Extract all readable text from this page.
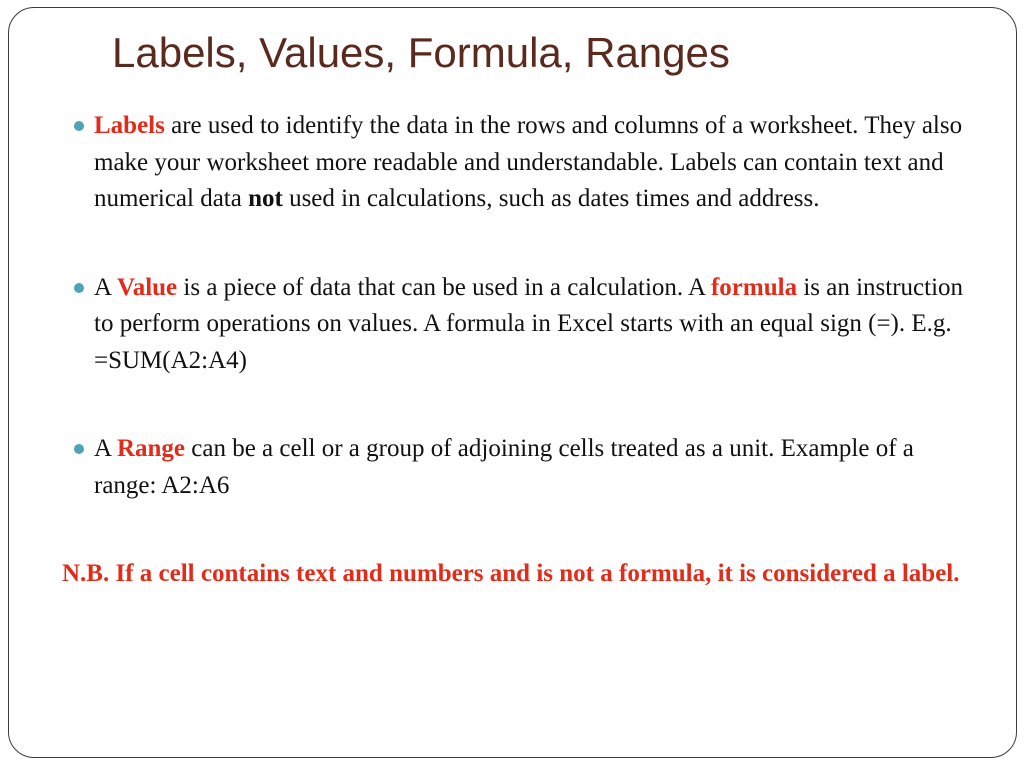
Labels, Values, Formula, Ranges
Labels are used to identify the data in the rows and columns of a worksheet. They also make your worksheet more readable and understandable. Labels can contain text and numerical data not used in calculations, such as dates times and address.
A Value is a piece of data that can be used in a calculation. A formula is an instruction to perform operations on values. A formula in Excel starts with an equal sign (=). E.g. =SUM(A2:A4)
A Range can be a cell or a group of adjoining cells treated as a unit. Example of a range: A2:A6
N.B. If a cell contains text and numbers and is not a formula, it is considered a label.
